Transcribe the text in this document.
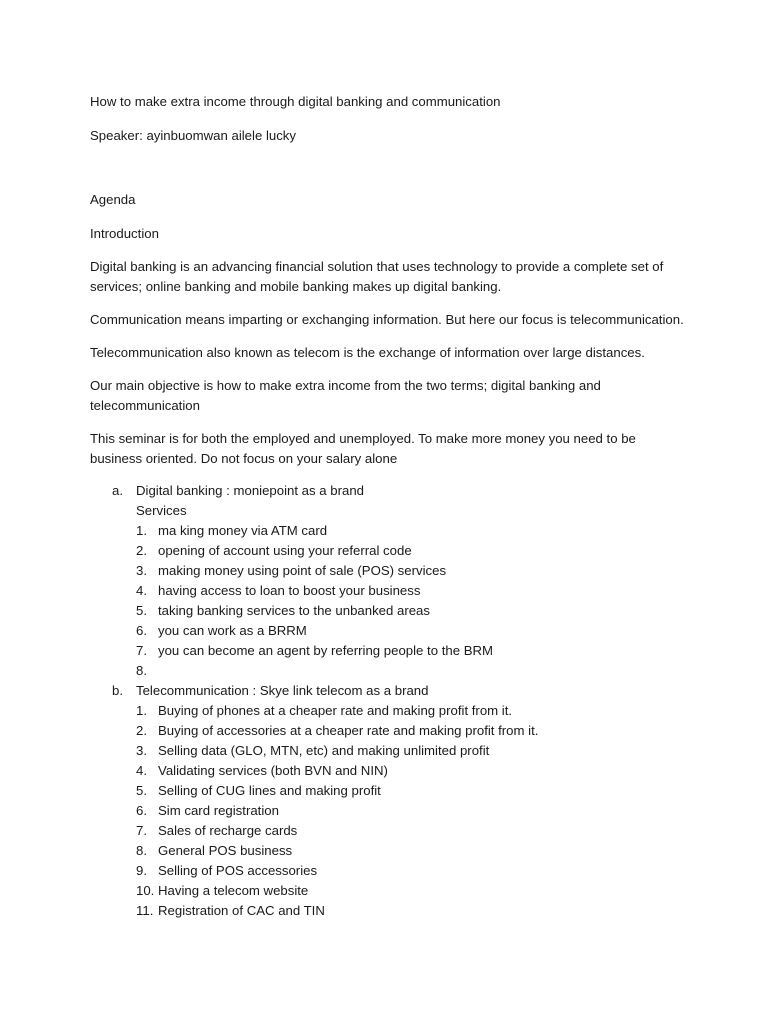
How to make extra income through digital banking and communication

Speaker: ayinbuomwan ailele lucky

Agenda

Introduction

Digital banking is an advancing financial solution that uses technology to provide a complete set of services; online banking and mobile banking makes up digital banking.

Communication means imparting or exchanging information. But here our focus is telecommunication.

Telecommunication also known as telecom is the exchange of information over large distances.

Our main objective is how to make extra income from the two terms; digital banking and telecommunication

This seminar is for both the employed and unemployed. To make more money you need to be business oriented. Do not focus on your salary alone

a. Digital banking : moniepoint as a brand
Services
1. ma king money via ATM card
2. opening of account using your referral code
3. making money using point of sale (POS) services
4. having access to loan to boost your business
5. taking banking services to the unbanked areas
6. you can work as a BRRM
7. you can become an agent by referring people to the BRM
8.
b. Telecommunication : Skye link telecom as a brand
1. Buying of phones at a cheaper rate and making profit from it.
2. Buying of accessories at a cheaper rate and making profit from it.
3. Selling data (GLO, MTN, etc) and making unlimited profit
4. Validating services (both BVN and NIN)
5. Selling of CUG lines and making profit
6. Sim card registration
7. Sales of recharge cards
8. General POS business
9. Selling of POS accessories
10. Having a telecom website
11. Registration of CAC and TIN
